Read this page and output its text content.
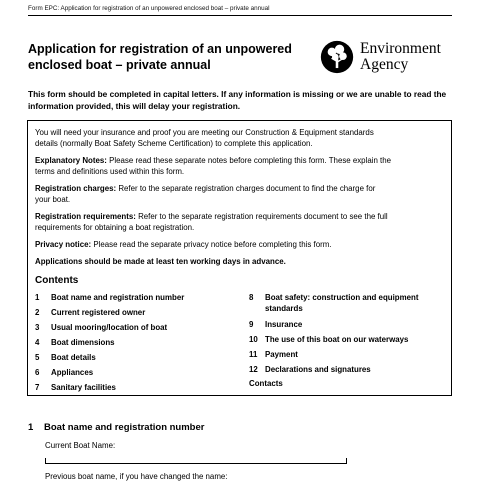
Form EPC: Application for registration of an unpowered enclosed boat – private annual
Application for registration of an unpowered
enclosed boat – private annual
Environment
Agency
This form should be completed in capital letters. If any information is missing or we are unable to read the
information provided, this will delay your registration.

You will need your insurance and proof you are meeting our Construction & Equipment standards
details (normally Boat Safety Scheme Certification) to complete this application.

Explanatory Notes: Please read these separate notes before completing this form. These explain the
terms and definitions used within this form.

Registration charges: Refer to the separate registration charges document to find the charge for
your boat.

Registration requirements: Refer to the separate registration requirements document to see the full
requirements for obtaining a boat registration.

Privacy notice: Please read the separate privacy notice before completing this form.

Applications should be made at least ten working days in advance.

Contents
1 Boat name and registration number
2 Current registered owner
3 Usual mooring/location of boat
4 Boat dimensions
5 Boat details
6 Appliances
7 Sanitary facilities
8 Boat safety: construction and equipment
standards
9 Insurance
10 The use of this boat on our waterways
11 Payment
12 Declarations and signatures
Contacts
1 Boat name and registration number
Current Boat Name:
Previous boat name, if you have changed the name:
